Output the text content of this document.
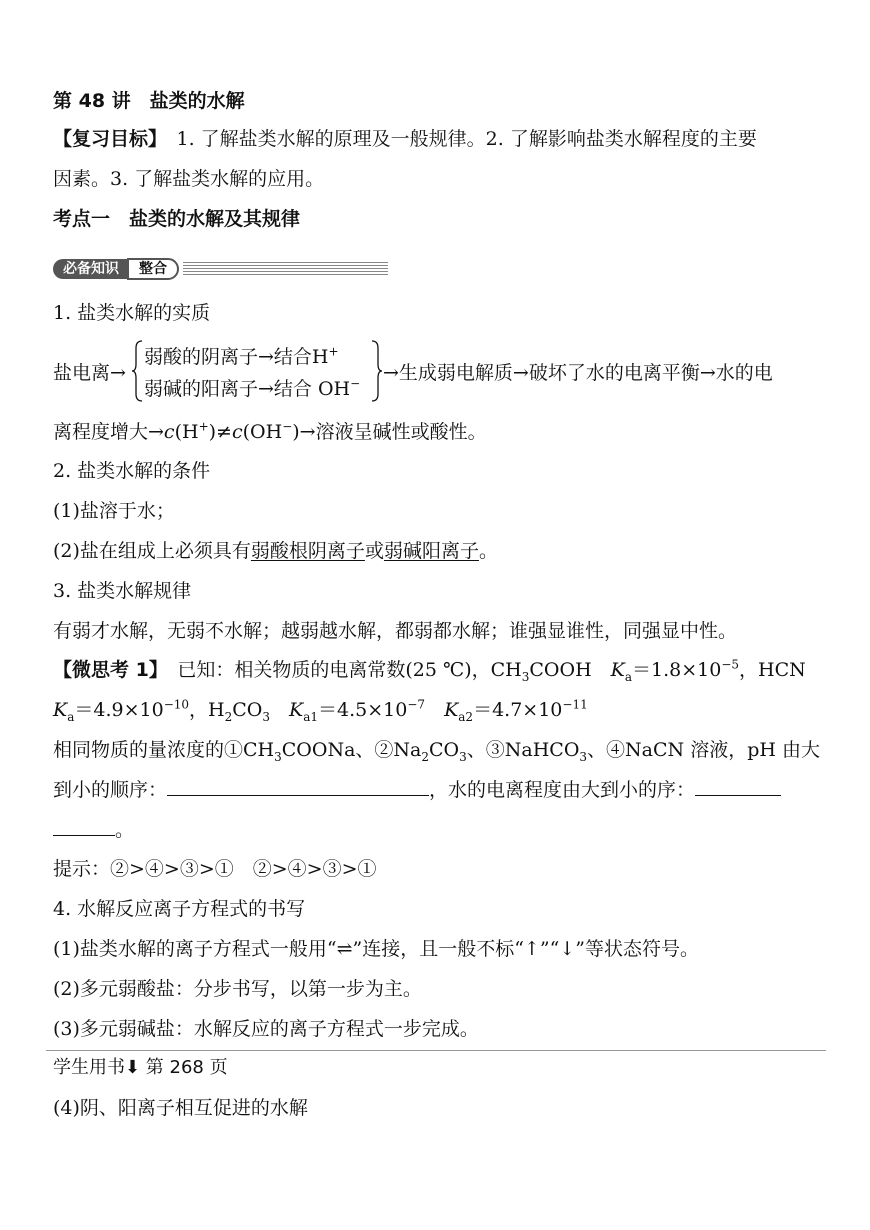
第 48 讲　盐类的水解
【复习目标】　1. 了解盐类水解的原理及一般规律。2. 了解影响盐类水解程度的主要
因素。3. 了解盐类水解的应用。
考点一　盐类的水解及其规律
必备知识	整合
1. 盐类水解的实质
盐电离→
弱酸的阴离子→结合H+
弱碱的阳离子→结合 OH− →生成弱电解质→破坏了水的电离平衡→水的电
离程度增大→c(H+)≠c(OH−)→溶液呈碱性或酸性。
2. 盐类水解的条件
(1)盐溶于水；
(2)盐在组成上必须具有弱酸根阴离子或弱碱阳离子。
3. 盐类水解规律
有弱才水解，无弱不水解；越弱越水解，都弱都水解；谁强显谁性，同强显中性。
【微思考 1】　已知：相关物质的电离常数(25 ℃)，$CH_3COOH$　$K_a=1.8\times 10^{-5}$，HCN
$K_a=4.9\times 10^{-10}$，$H_2CO_3$　 $K_{a1}=4.5\times 10^{-7}$　 $K_{a2}=4.7\times 10^{-11}$
相同物质的量浓度的$①CH_3COONa$、$②Na_2CO_3$、③NaHCO$_3$、④NaCN 溶液，pH 由大
到小的顺序：	，水的电离程度由大到小的序：
。
提示：②>④>③>①　②>④>③>①
4. 水解反应离子方程式的书写
(1)盐类水解的离子方程式一般用“⇌”连接，且一般不标“↑”“↓”等状态符号。
(2)多元弱酸盐：分步书写，以第一步为主。
(3)多元弱碱盐：水解反应的离子方程式一步完成。
学生用书⬇ 第 268 页
(4)阴、阳离子相互促进的水解
